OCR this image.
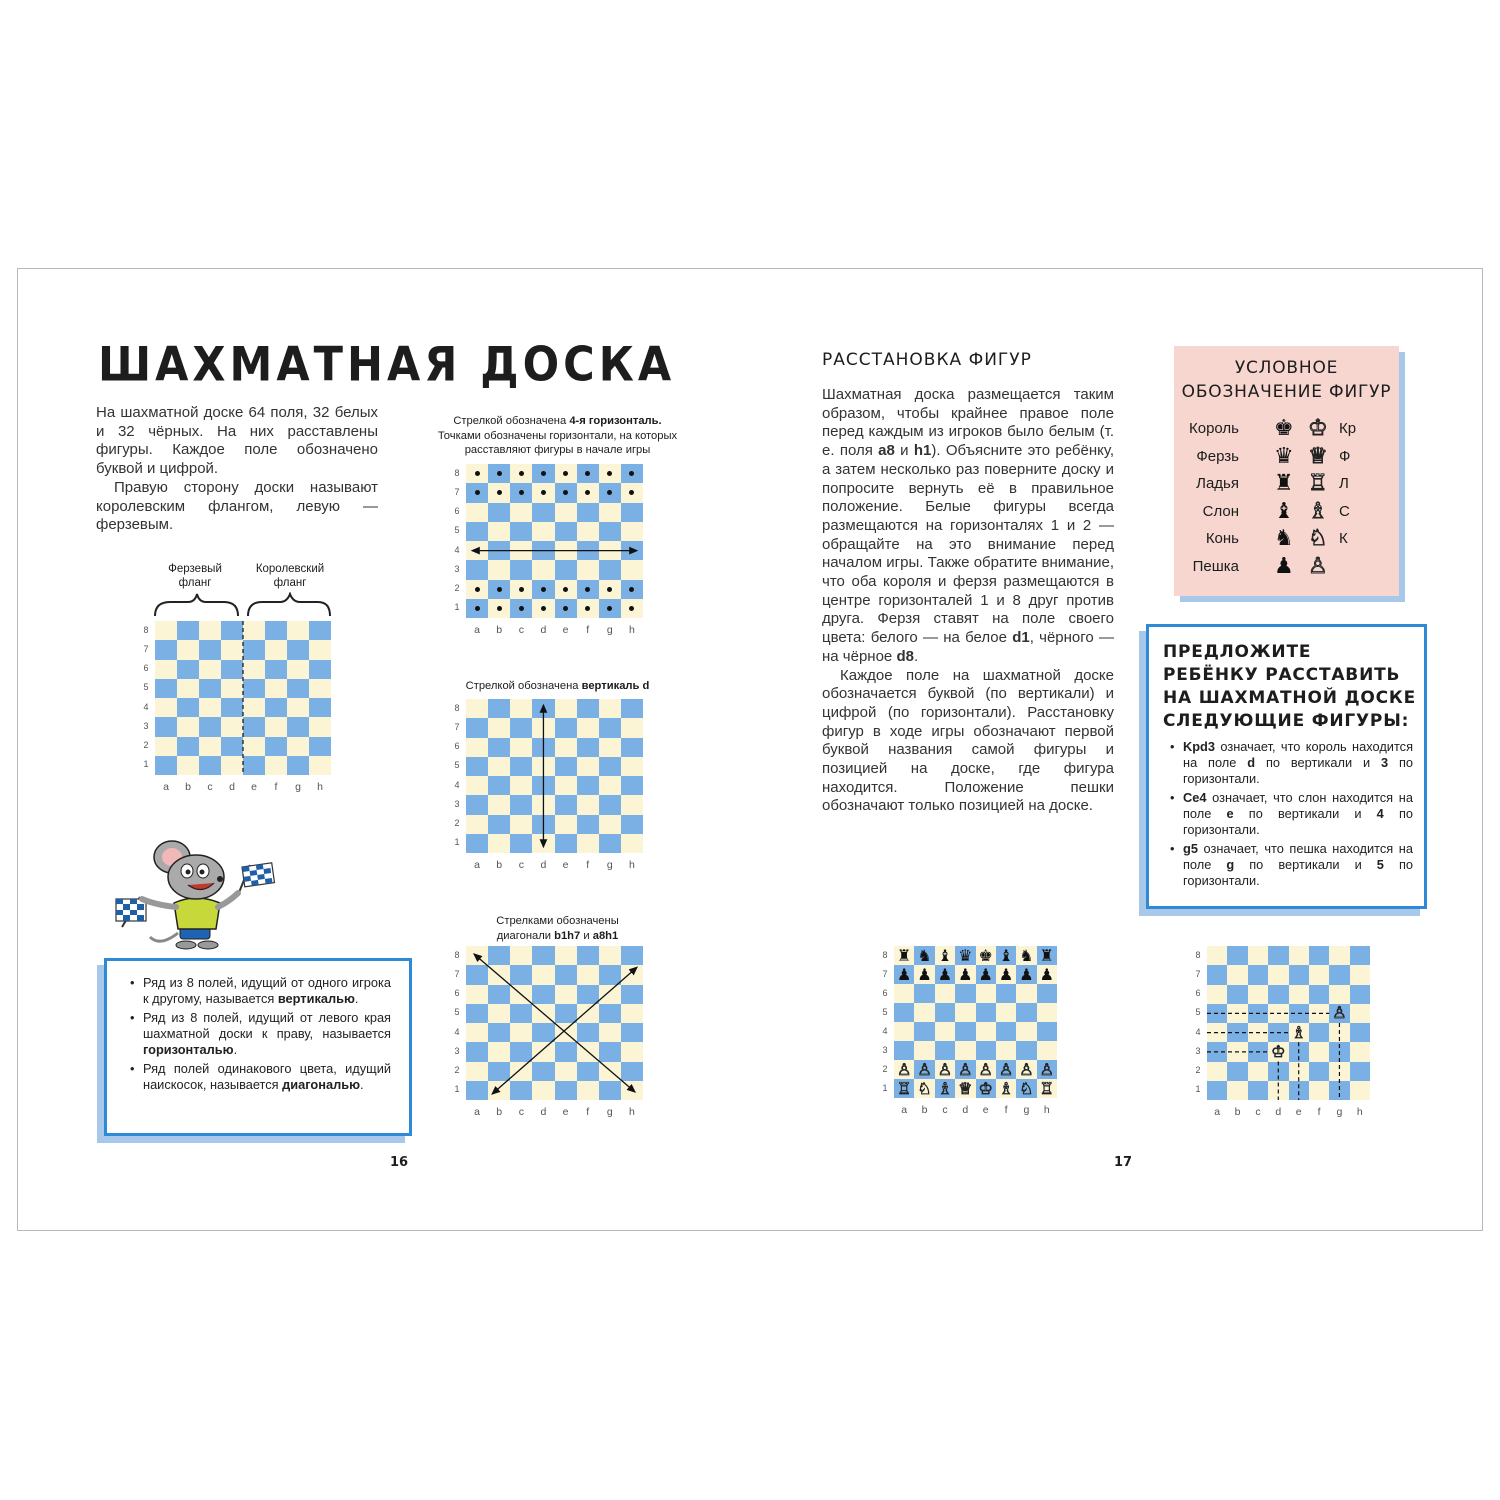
ШАХМАТНАЯ ДОСКА

На шахматной доске 64 поля, 32 белых и 32 чёрных. На них расставлены фигуры. Каждое поле обозначено буквой и цифрой.

Правую сторону доски называют королевским флангом, левую — ферзевым.

Ферзевый
фланг
Королевский
фланг
1
2
3
4
5
6
7
8
a	b	c	d	e	f	g	h
Стрелкой обозначена 4-я горизонталь.
Точками обозначены горизонтали, на которых
расставляют фигуры в начале игры
1
2
3
4
5
6
7
8
a	b	c	d	e	f	g	h
Стрелкой обозначена вертикаль d
1
2
3
4
5
6
7
8
a	b	c	d	e	f	g	h
Стрелками обозначены
диагонали b1h7 и a8h1
1
2
3
4
5
6
7
8
a	b	c	d	e	f	g	h
• Ряд из 8 полей, идущий от одного игрока к другому, называется вертикалью.
• Ряд из 8 полей, идущий от левого края шахматной доски к праву, называется горизонталью.
• Ряд полей одинакового цвета, идущий наискосок, называется диагональю.
16
РАССТАНОВКА ФИГУР

Шахматная доска размещается таким образом, чтобы крайнее правое поле перед каждым из игроков было белым (т. е. поля a8 и h1). Объясните это ребёнку, а затем несколько раз поверните доску и попросите вернуть её в правильное положение. Белые фигуры всегда размещаются на горизонталях 1 и 2 — обращайте на это внимание перед началом игры. Также обратите внимание, что оба короля и ферзя размещаются в центре горизонталей 1 и 8 друг против друга. Ферзя ставят на поле своего цвета: белого — на белое d1, чёрного — на чёрное d8.

Каждое поле на шахматной доске обозначается буквой (по вертикали) и цифрой (по горизонтали). Расстановку фигур в ходе игры обозначают первой буквой названия самой фигуры и позицией на доске, где фигура находится. Положение пешки обозначают только позицией на доске.

УСЛОВНОЕ
ОБОЗНАЧЕНИЕ ФИГУР
Король ♚ ♔ Кр
Ферзь ♛ ♕ Ф
Ладья ♜ ♖ Л
Слон ♝ ♗ С
Конь ♞ ♘ К
Пешка ♟ ♙
ПРЕДЛОЖИТЕ
РЕБЁНКУ РАССТАВИТЬ
НА ШАХМАТНОЙ ДОСКЕ
СЛЕДУЮЩИЕ ФИГУРЫ:
• Kpd3 означает, что король находится на поле d по вертикали и 3 по горизонтали.
• Ce4 означает, что слон находится на поле e по вертикали и 4 по горизонтали.
• g5 означает, что пешка находится на поле g по вертикали и 5 по горизонтали.
♜ ♞ ♝ ♛ ♚ ♝ ♞ ♜
♟ ♟ ♟ ♟ ♟ ♟ ♟ ♟
♙ ♙ ♙ ♙ ♙ ♙ ♙ ♙
♖ ♘ ♗ ♕ ♔ ♗ ♘ ♖
1
2
3
4
5
6
7
8
a	b	c	d	e	f	g	h
♙
♗
♔
1
2
3
4
5
6
7
8
a	b	c	d	e	f	g	h
17
